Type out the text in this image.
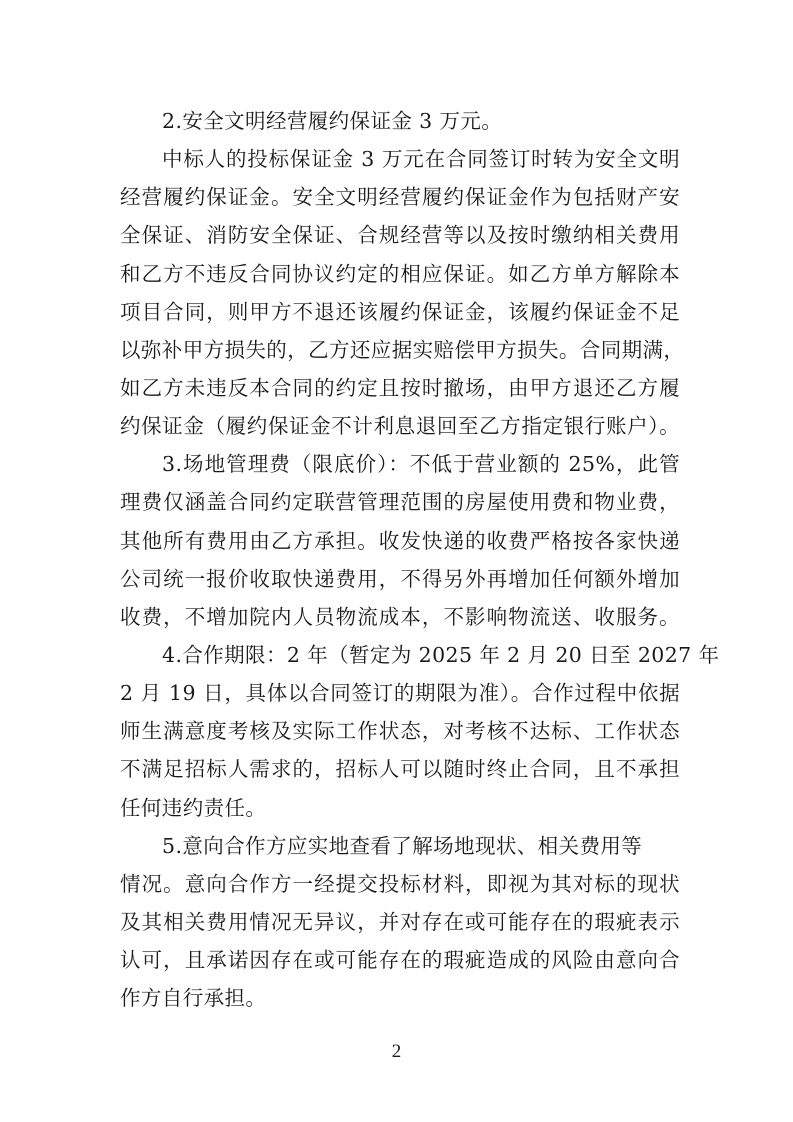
2.安全文明经营履约保证金 3 万元。
中标人的投标保证金 3 万元在合同签订时转为安全文明
经营履约保证金。安全文明经营履约保证金作为包括财产安
全保证、消防安全保证、合规经营等以及按时缴纳相关费用
和乙方不违反合同协议约定的相应保证。如乙方单方解除本
项目合同，则甲方不退还该履约保证金，该履约保证金不足
以弥补甲方损失的，乙方还应据实赔偿甲方损失。合同期满，
如乙方未违反本合同的约定且按时撤场，由甲方退还乙方履
约保证金（履约保证金不计利息退回至乙方指定银行账户）。
3.场地管理费（限底价）：不低于营业额的 25%，此管
理费仅涵盖合同约定联营管理范围的房屋使用费和物业费，
其他所有费用由乙方承担。收发快递的收费严格按各家快递
公司统一报价收取快递费用，不得另外再增加任何额外增加
收费，不增加院内人员物流成本，不影响物流送、收服务。
4.合作期限：2 年（暂定为 2025 年 2 月 20 日至 2027 年
2 月 19 日，具体以合同签订的期限为准）。合作过程中依据
师生满意度考核及实际工作状态，对考核不达标、工作状态
不满足招标人需求的，招标人可以随时终止合同，且不承担
任何违约责任。
5.意向合作方应实地查看了解场地现状、相关费用等
情况。意向合作方一经提交投标材料，即视为其对标的现状
及其相关费用情况无异议，并对存在或可能存在的瑕疵表示
认可，且承诺因存在或可能存在的瑕疵造成的风险由意向合
作方自行承担。
2
